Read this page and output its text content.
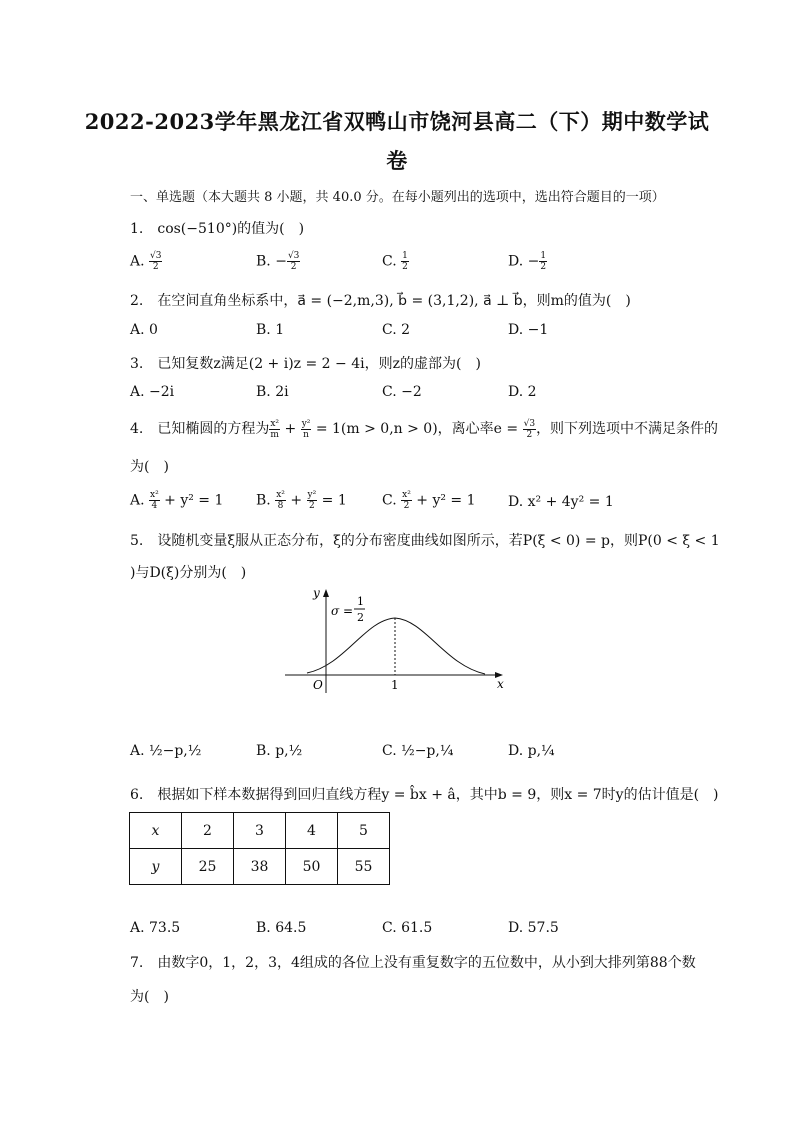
2022-2023学年黑龙江省双鸭山市饶河县高二（下）期中数学试
卷
一、单选题（本大题共 8 小题，共 40.0 分。在每小题列出的选项中，选出符合题目的一项）
1.　cos(−510°)的值为(　)
A. $\frac{√3}{2}$	B. − $\frac{√3}{2}$	C. $\frac{1}{2}$	D. − $\frac{1}{2}$
2.　在空间直角坐标系中，a⃗ = (−2,m,3), b⃗ = (3,1,2), a⃗ ⊥ b⃗，则m的值为(　)
A. 0	B. 1	C. 2	D. −1
3.　已知复数z满足(2 + i)z = 2 − 4i，则z的虚部为(　)
A. −2i	B. 2i	C. −2	D. 2
4.　已知椭圆的方程为 $\frac{\text{x²}}{m} + \frac{\text{y²}}{n} = 1(m > 0,n > 0)$，离心率$e = \frac{√3}{2}$ ，则下列选项中不满足条件的
为(　)
A. $\frac{\text{x²}}{4} + y^2 = 1$ B. $\frac{\text{x²}}{8} + \frac{\text{y²}}{2} = 1$	C. $\frac{\text{x²}}{2} + y^2 = 1$ D. x² + 4y² = 1
5.　设随机变量ξ服从正态分布，ξ的分布密度曲线如图所示，若P(ξ < 0) = p，则P(0 < ξ < 1
)与D(ξ)分别为(　)
y
x
O	1
σ =
1
2
A. ½−p,½	B. p,½	C. ½−p,¼	D. p,¼
6.　根据如下样本数据得到回归直线方程y = b̂x + â，其中b = 9，则x = 7时y的估计值是(　)
x	2	3	4	5
y	25	38	50	55
A. 73.5	B. 64.5	C. 61.5	D. 57.5
7.　由数字0，1，2，3，4组成的各位上没有重复数字的五位数中，从小到大排列第88个数
为(　)
